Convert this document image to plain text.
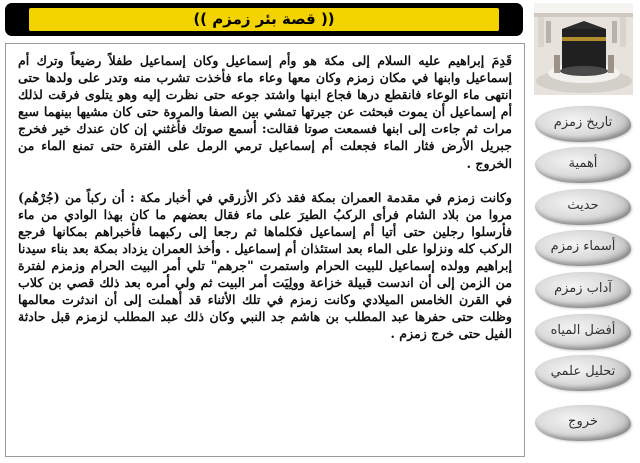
(( قصة بئر زمزم ))

قَدِمَ إبراهيم عليه السلام إلى مكة هو وأم إسماعيل وكان إسماعيل طفلاً رضيعاً وترك أم إسماعيل وابنها في مكان زمزم وكان معها وعاء ماء فأخذت تشرب منه وتدر على ولدها حتى انتهى ماء الوعاء فانقطع درها فجاع ابنها واشتد جوعه حتى نظرت إليه وهو يتلوى فرقت لذلك أم إسماعيل أن يموت فبحثت عن جيرتها تمشي بين الصفا والمروة حتى كان مشيها بينهما سبع مرات ثم جاءت إلى ابنها فسمعت صوتا فقالت: أسمع صوتك فأغثني إن كان عندك خير فخرج جبريل الأرض فثار الماء فجعلت أم إسماعيل ترمي الرمل على الفترة حتى تمنع الماء من الخروج .

وكانت زمزم في مقدمة العمران بمكة فقد ذكر الأزرقي في أخبار مكة : أن ركباً من (جُرْهُم) مروا من بلاد الشام فرأى الركبُ الطيرَ على ماء فقال بعضهم ما كان بهذا الوادي من ماء فأرسلوا رجلين حتى أتيا أم إسماعيل فكلماها ثم رجعا إلى ركبهما فأخبراهم بمكانها فرجع الركب كله ونزلوا على الماء بعد استئذان أم إسماعيل . وأخذ العمران يزداد بمكة بعد بناء سيدنا إبراهيم وولده إسماعيل للبيت الحرام واستمرت "جرهم" تلي أمر البيت الحرام وزمزم لفترة من الزمن إلى أن اندست قبيلة خزاعة وولِيَت أمر البيت ثم ولي أمره بعد ذلك قصي بن كلاب في القرن الخامس الميلادي وكانت زمزم في تلك الأثناء قد أهملت إلى أن اندثرت معالمها وظلت حتى حفرها عبد المطلب بن هاشم جد النبي وكان ذلك عبد المطلب لزمزم قبل حادثة الفيل حتى خرج زمزم .

تاريخ زمزم
أهمية
حديث
أسماء زمزم
آداب زمزم
أفضل المياه
تحليل علمي
خروج
